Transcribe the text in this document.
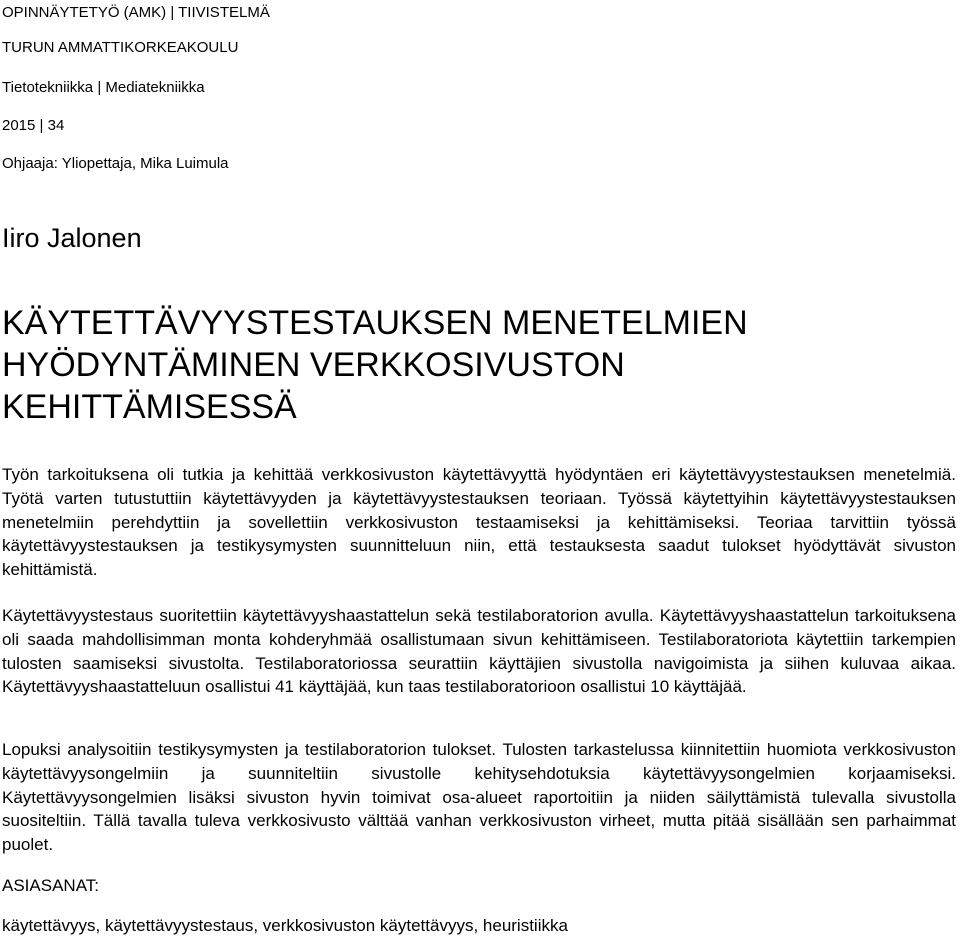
OPINNÄYTETYÖ (AMK) | TIIVISTELMÄ
TURUN AMMATTIKORKEAKOULU
Tietotekniikka | Mediatekniikka
2015 | 34
Ohjaaja: Yliopettaja, Mika Luimula
Iiro Jalonen
KÄYTETTÄVYYSTESTAUKSEN MENETELMIEN
HYÖDYNTÄMINEN VERKKOSIVUSTON
KEHITTÄMISESSÄ

Työn tarkoituksena oli tutkia ja kehittää verkkosivuston käytettävyyttä hyödyntäen eri käytettävyystestauksen menetelmiä. Työtä varten tutustuttiin käytettävyyden ja käytettävyystestauksen teoriaan. Työssä käytettyihin käytettävyystestauksen menetelmiin perehdyttiin ja sovellettiin verkkosivuston testaamiseksi ja kehittämiseksi. Teoriaa tarvittiin työssä käytettävyystestauksen ja testikysymysten suunnitteluun niin, että testauksesta saadut tulokset hyödyttävät sivuston kehittämistä.

Käytettävyystestaus suoritettiin käytettävyyshaastattelun sekä testilaboratorion avulla. Käytettävyyshaastattelun tarkoituksena oli saada mahdollisimman monta kohderyhmää osallistumaan sivun kehittämiseen. Testilaboratoriota käytettiin tarkempien tulosten saamiseksi sivustolta. Testilaboratoriossa seurattiin käyttäjien sivustolla navigoimista ja siihen kuluvaa aikaa. Käytettävyyshaastatteluun osallistui 41 käyttäjää, kun taas testilaboratorioon osallistui 10 käyttäjää.

Lopuksi analysoitiin testikysymysten ja testilaboratorion tulokset. Tulosten tarkastelussa kiinnitettiin huomiota verkkosivuston käytettävyysongelmiin ja suunniteltiin sivustolle kehitysehdotuksia käytettävyysongelmien korjaamiseksi. Käytettävyysongelmien lisäksi sivuston hyvin toimivat osa-alueet raportoitiin ja niiden säilyttämistä tulevalla sivustolla suositeltiin. Tällä tavalla tuleva verkkosivusto välttää vanhan verkkosivuston virheet, mutta pitää sisällään sen parhaimmat puolet.

ASIASANAT:
käytettävyys, käytettävyystestaus, verkkosivuston käytettävyys, heuristiikka
